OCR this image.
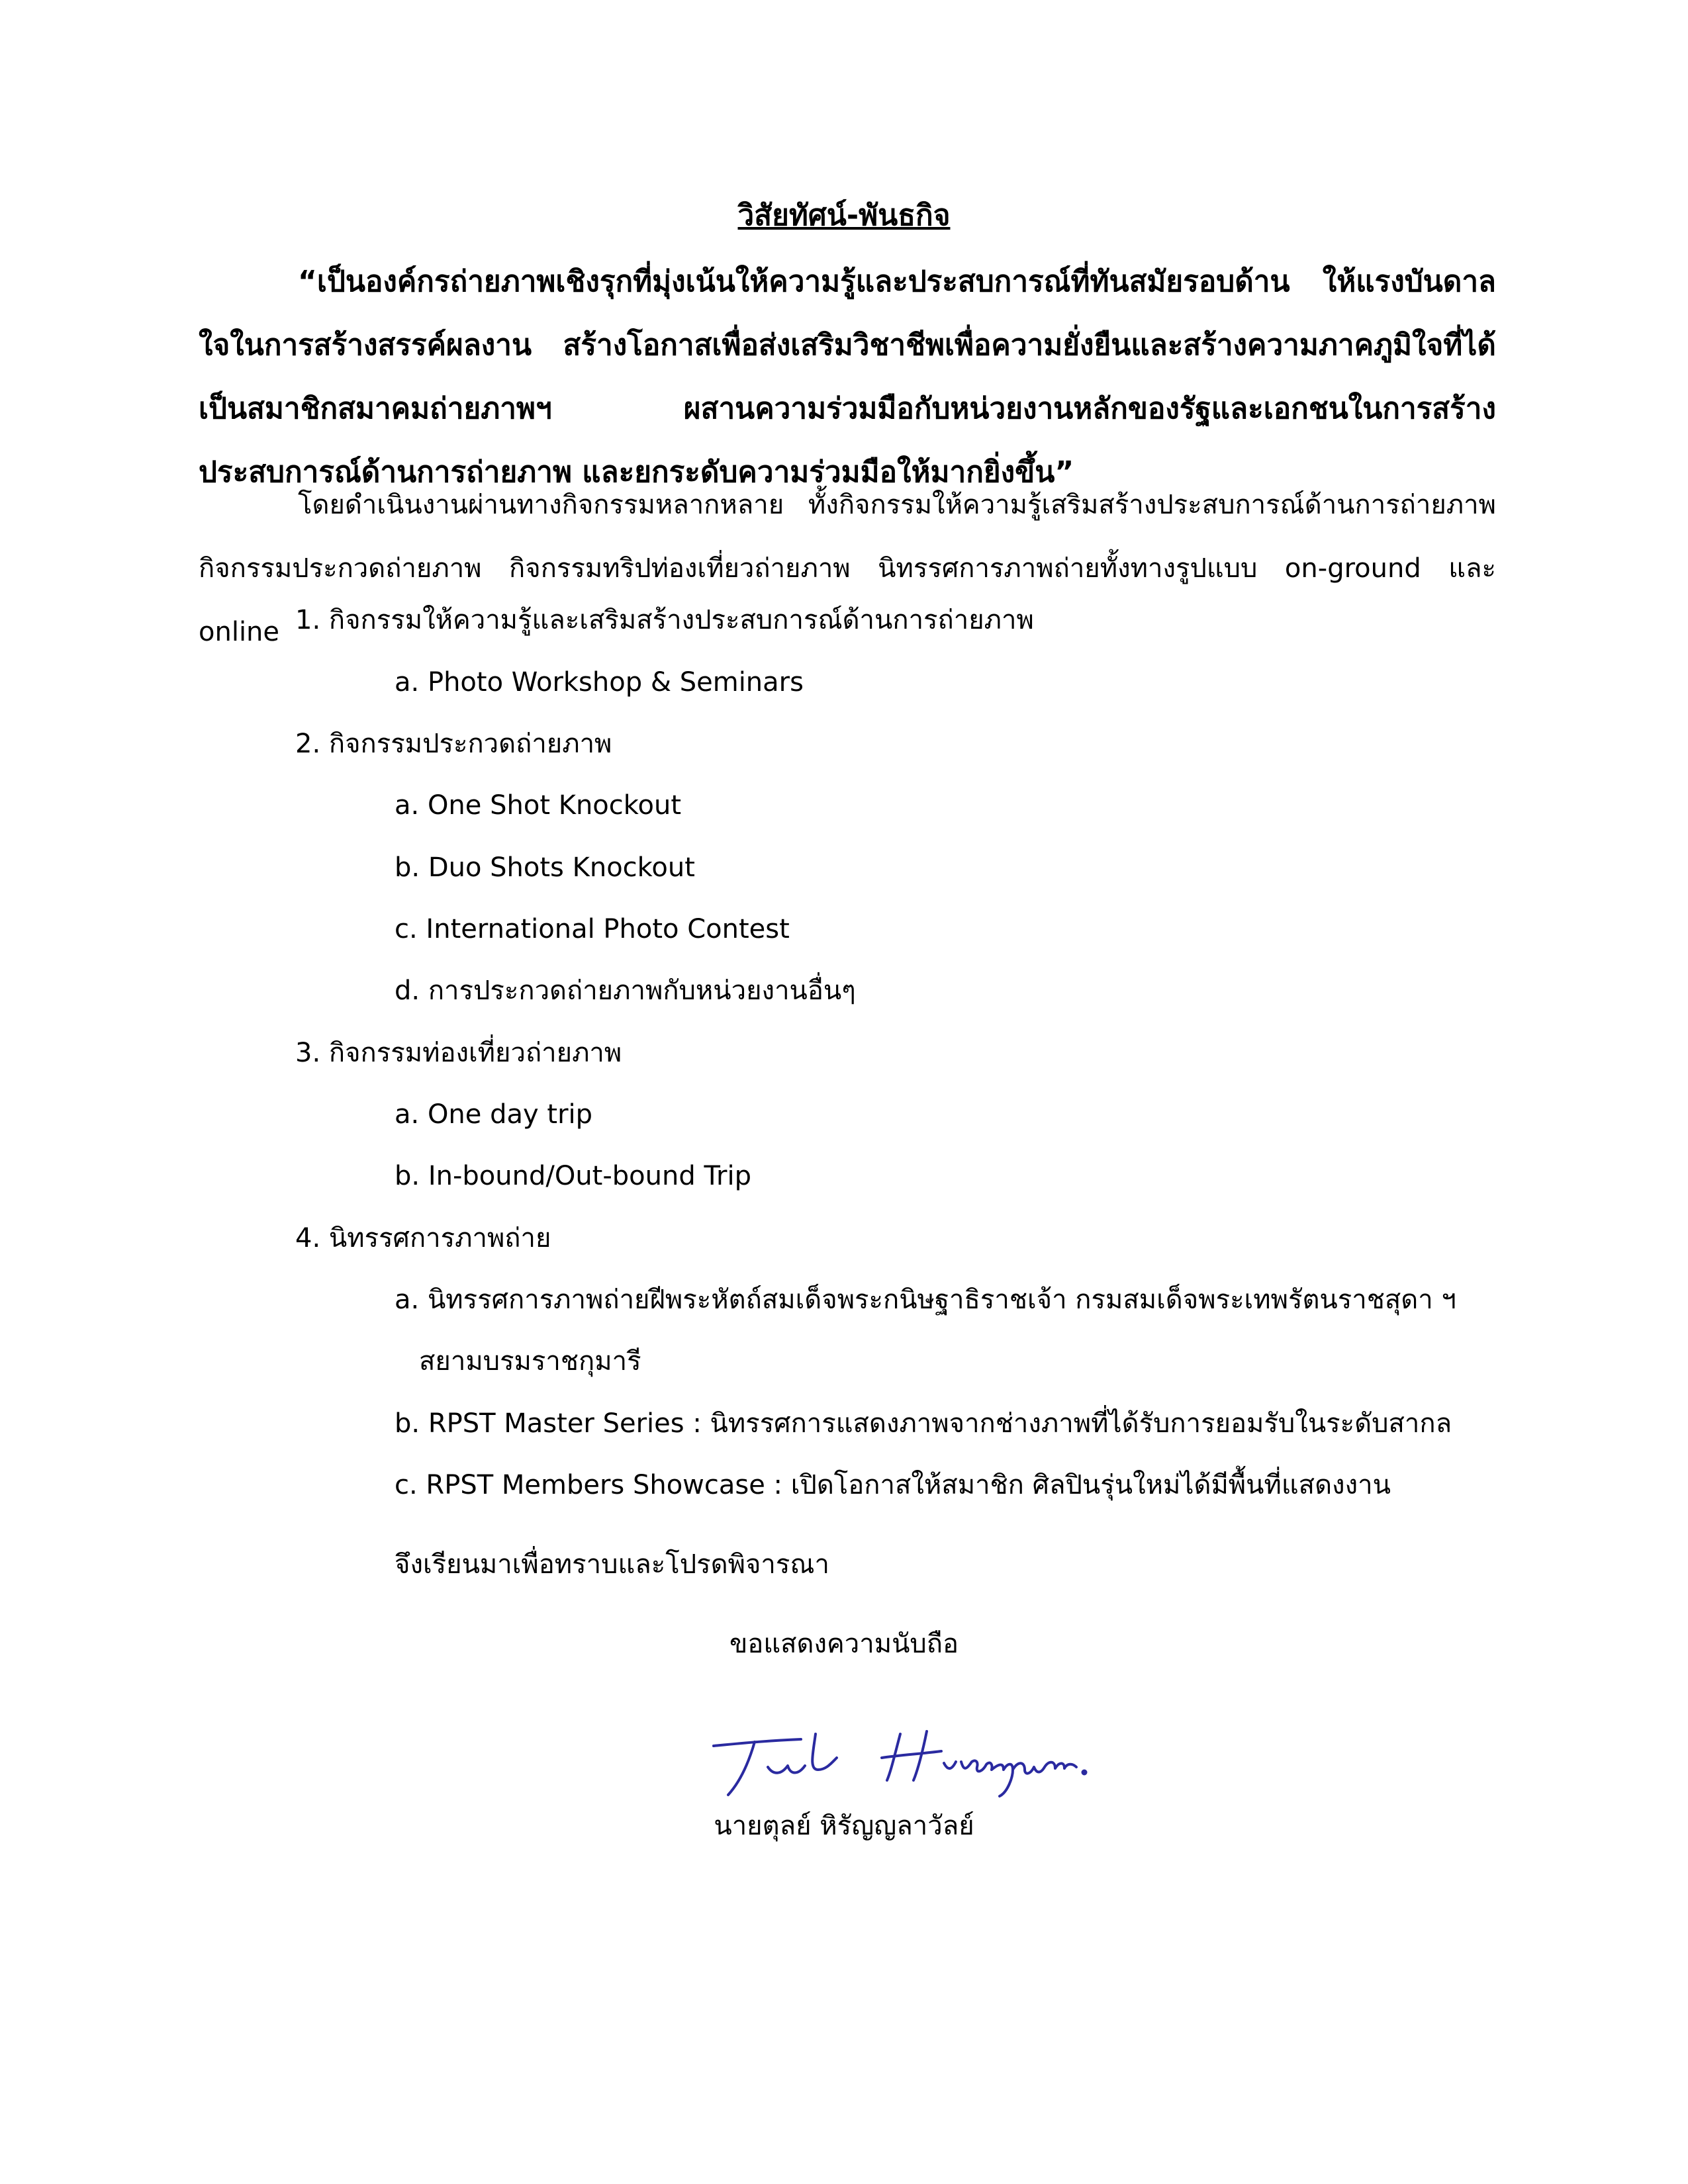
วิสัยทัศน์-พันธกิจ
“เป็นองค์กรถ่ายภาพเชิงรุกที่มุ่งเน้นให้ความรู้และประสบการณ์ที่ทันสมัยรอบด้าน ให้แรงบันดาลใจในการสร้างสรรค์ผลงาน สร้างโอกาสเพื่อส่งเสริมวิชาชีพเพื่อความยั่งยืนและสร้างความภาคภูมิใจที่ได้เป็นสมาชิกสมาคมถ่ายภาพฯ ผสานความร่วมมือกับหน่วยงานหลักของรัฐและเอกชนในการสร้างประสบการณ์ด้านการถ่ายภาพ และยกระดับความร่วมมือให้มากยิ่งขึ้น”
โดยดำเนินงานผ่านทางกิจกรรมหลากหลาย ทั้งกิจกรรมให้ความรู้เสริมสร้างประสบการณ์ด้านการถ่ายภาพ กิจกรรมประกวดถ่ายภาพ กิจกรรมทริปท่องเที่ยวถ่ายภาพ นิทรรศการภาพถ่ายทั้งทางรูปแบบ on-ground และ online 1. กิจกรรมให้ความรู้และเสริมสร้างประสบการณ์ด้านการถ่ายภาพ
a. Photo Workshop & Seminars
2. กิจกรรมประกวดถ่ายภาพ
a. One Shot Knockout
b. Duo Shots Knockout
c. International Photo Contest
d. การประกวดถ่ายภาพกับหน่วยงานอื่นๆ
3. กิจกรรมท่องเที่ยวถ่ายภาพ
a. One day trip
b. In-bound/Out-bound Trip
4. นิทรรศการภาพถ่าย
a. นิทรรศการภาพถ่ายฝีพระหัตถ์สมเด็จพระกนิษฐาธิราชเจ้า กรมสมเด็จพระเทพรัตนราชสุดา ฯ
สยามบรมราชกุมารี
b. RPST Master Series : นิทรรศการแสดงภาพจากช่างภาพที่ได้รับการยอมรับในระดับสากล
c. RPST Members Showcase : เปิดโอกาสให้สมาชิก ศิลปินรุ่นใหม่ได้มีพื้นที่แสดงงาน
จึงเรียนมาเพื่อทราบและโปรดพิจารณา
ขอแสดงความนับถือ
นายตุลย์ หิรัญญลาวัลย์
